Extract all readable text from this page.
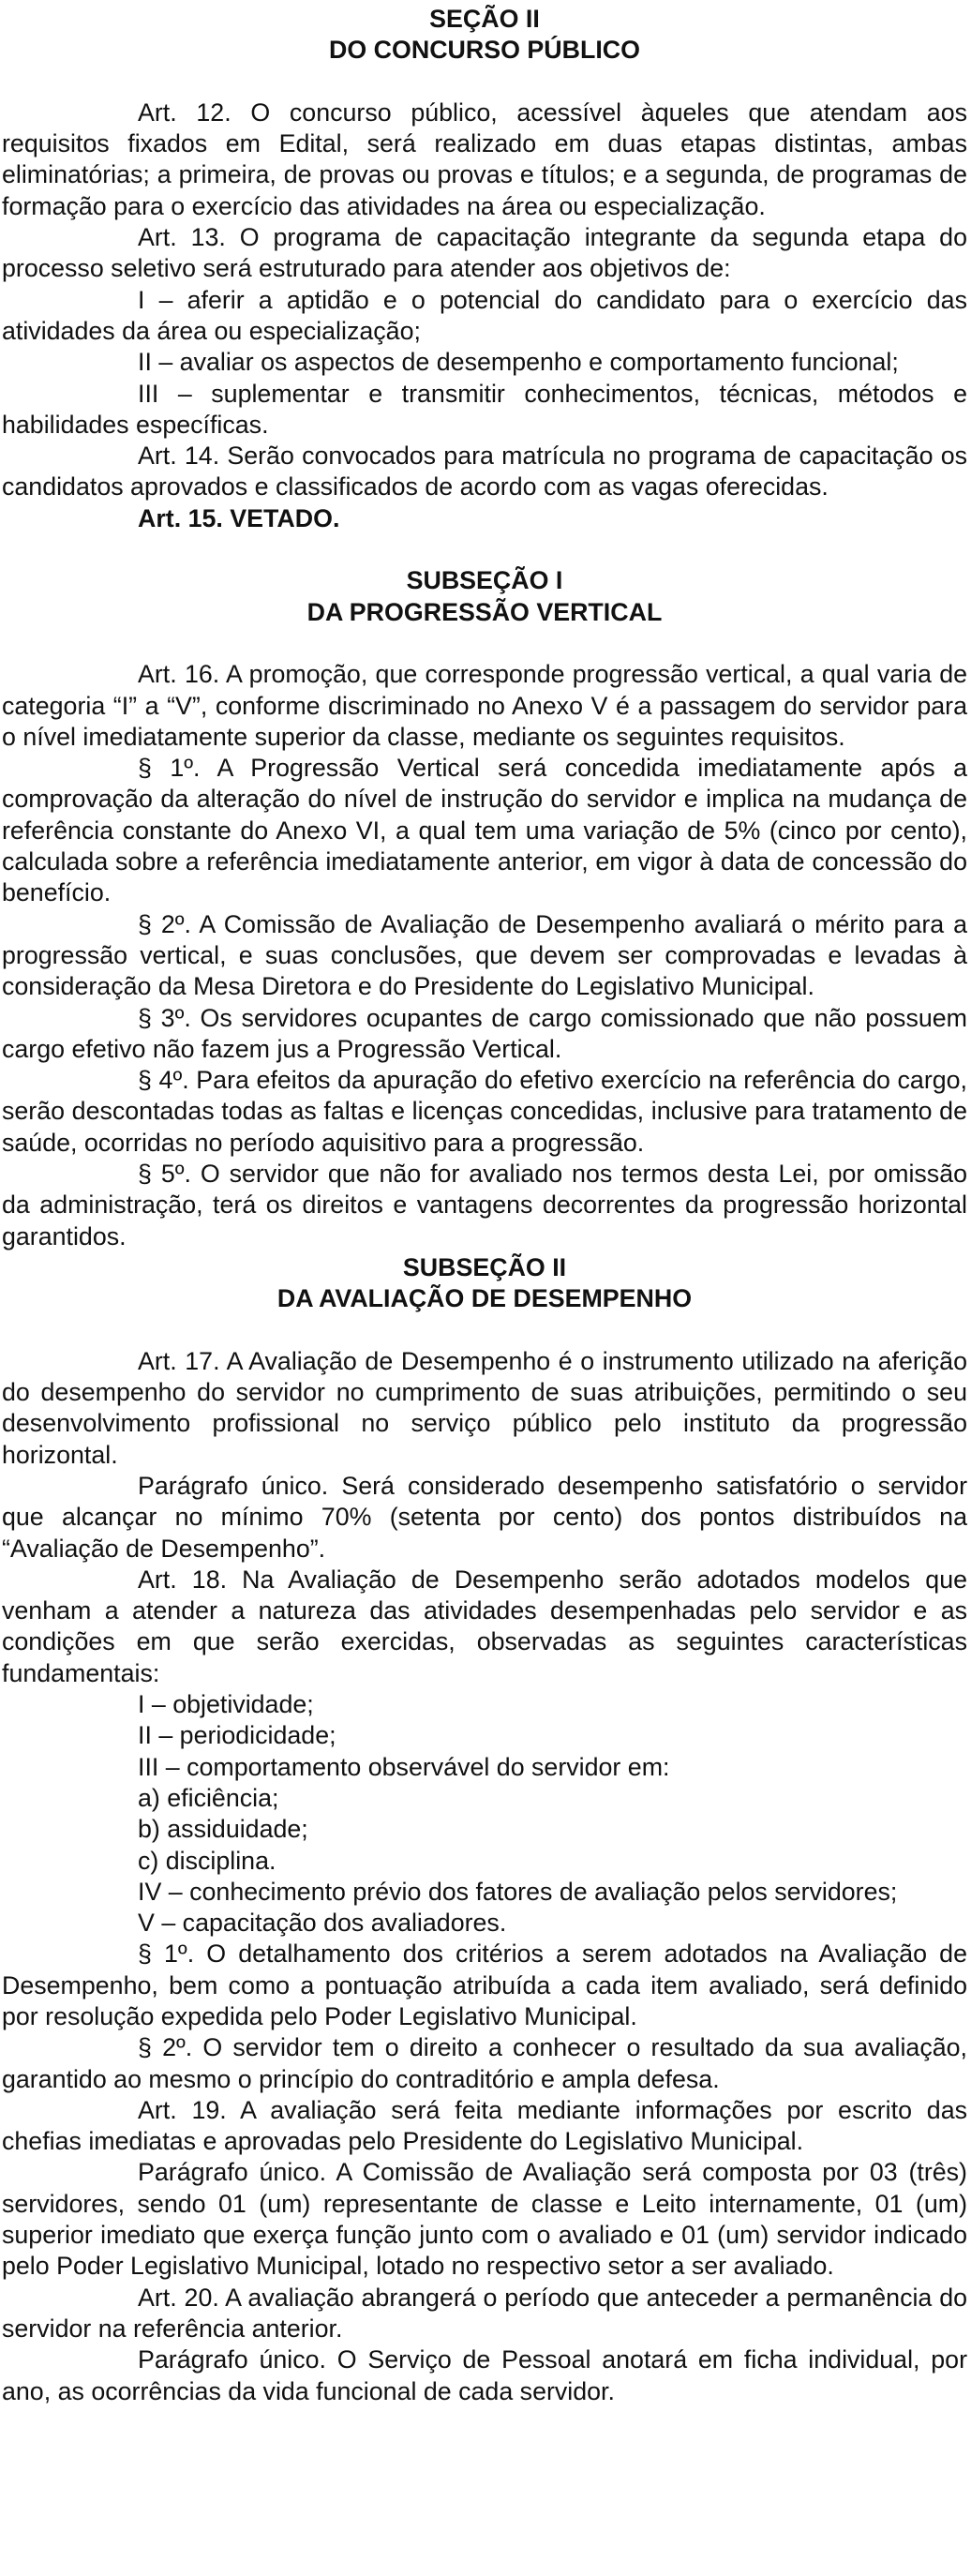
SEÇÃO II

DO CONCURSO PÚBLICO

Art. 12. O concurso público, acessível àqueles que atendam aos requisitos fixados em Edital, será realizado em duas etapas distintas, ambas eliminatórias; a primeira, de provas ou provas e títulos; e a segunda, de programas de formação para o exercício das atividades na área ou especialização.

Art. 13. O programa de capacitação integrante da segunda etapa do processo seletivo será estruturado para atender aos objetivos de:

I – aferir a aptidão e o potencial do candidato para o exercício das atividades da área ou especialização;

II – avaliar os aspectos de desempenho e comportamento funcional;

III – suplementar e transmitir conhecimentos, técnicas, métodos e habilidades específicas.

Art. 14. Serão convocados para matrícula no programa de capacitação os candidatos aprovados e classificados de acordo com as vagas oferecidas.

Art. 15. VETADO.

SUBSEÇÃO I

DA PROGRESSÃO VERTICAL

Art. 16. A promoção, que corresponde progressão vertical, a qual varia de categoria “I” a “V”, conforme discriminado no Anexo V é a passagem do servidor para o nível imediatamente superior da classe, mediante os seguintes requisitos.

§ 1º. A Progressão Vertical será concedida imediatamente após a comprovação da alteração do nível de instrução do servidor e implica na mudança de referência constante do Anexo VI, a qual tem uma variação de 5% (cinco por cento), calculada sobre a referência imediatamente anterior, em vigor à data de concessão do benefício.

§ 2º. A Comissão de Avaliação de Desempenho avaliará o mérito para a progressão vertical, e suas conclusões, que devem ser comprovadas e levadas à consideração da Mesa Diretora e do Presidente do Legislativo Municipal.

§ 3º. Os servidores ocupantes de cargo comissionado que não possuem cargo efetivo não fazem jus a Progressão Vertical.

§ 4º. Para efeitos da apuração do efetivo exercício na referência do cargo, serão descontadas todas as faltas e licenças concedidas, inclusive para tratamento de saúde, ocorridas no período aquisitivo para a progressão.

§ 5º. O servidor que não for avaliado nos termos desta Lei, por omissão da administração, terá os direitos e vantagens decorrentes da progressão horizontal garantidos.

SUBSEÇÃO II

DA AVALIAÇÃO DE DESEMPENHO

Art. 17. A Avaliação de Desempenho é o instrumento utilizado na aferição do desempenho do servidor no cumprimento de suas atribuições, permitindo o seu desenvolvimento profissional no serviço público pelo instituto da progressão horizontal.

Parágrafo único. Será considerado desempenho satisfatório o servidor que alcançar no mínimo 70% (setenta por cento) dos pontos distribuídos na “Avaliação de Desempenho”.

Art. 18. Na Avaliação de Desempenho serão adotados modelos que venham a atender a natureza das atividades desempenhadas pelo servidor e as condições em que serão exercidas, observadas as seguintes características fundamentais:

I – objetividade;

II – periodicidade;

III – comportamento observável do servidor em:

a) eficiência;

b) assiduidade;

c) disciplina.

IV – conhecimento prévio dos fatores de avaliação pelos servidores;

V – capacitação dos avaliadores.

§ 1º. O detalhamento dos critérios a serem adotados na Avaliação de Desempenho, bem como a pontuação atribuída a cada item avaliado, será definido por resolução expedida pelo Poder Legislativo Municipal.

§ 2º. O servidor tem o direito a conhecer o resultado da sua avaliação, garantido ao mesmo o princípio do contraditório e ampla defesa.

Art. 19. A avaliação será feita mediante informações por escrito das chefias imediatas e aprovadas pelo Presidente do Legislativo Municipal.

Parágrafo único. A Comissão de Avaliação será composta por 03 (três) servidores, sendo 01 (um) representante de classe e Leito internamente, 01 (um) superior imediato que exerça função junto com o avaliado e 01 (um) servidor indicado pelo Poder Legislativo Municipal, lotado no respectivo setor a ser avaliado.

Art. 20. A avaliação abrangerá o período que anteceder a permanência do servidor na referência anterior.

Parágrafo único. O Serviço de Pessoal anotará em ficha individual, por ano, as ocorrências da vida funcional de cada servidor.
